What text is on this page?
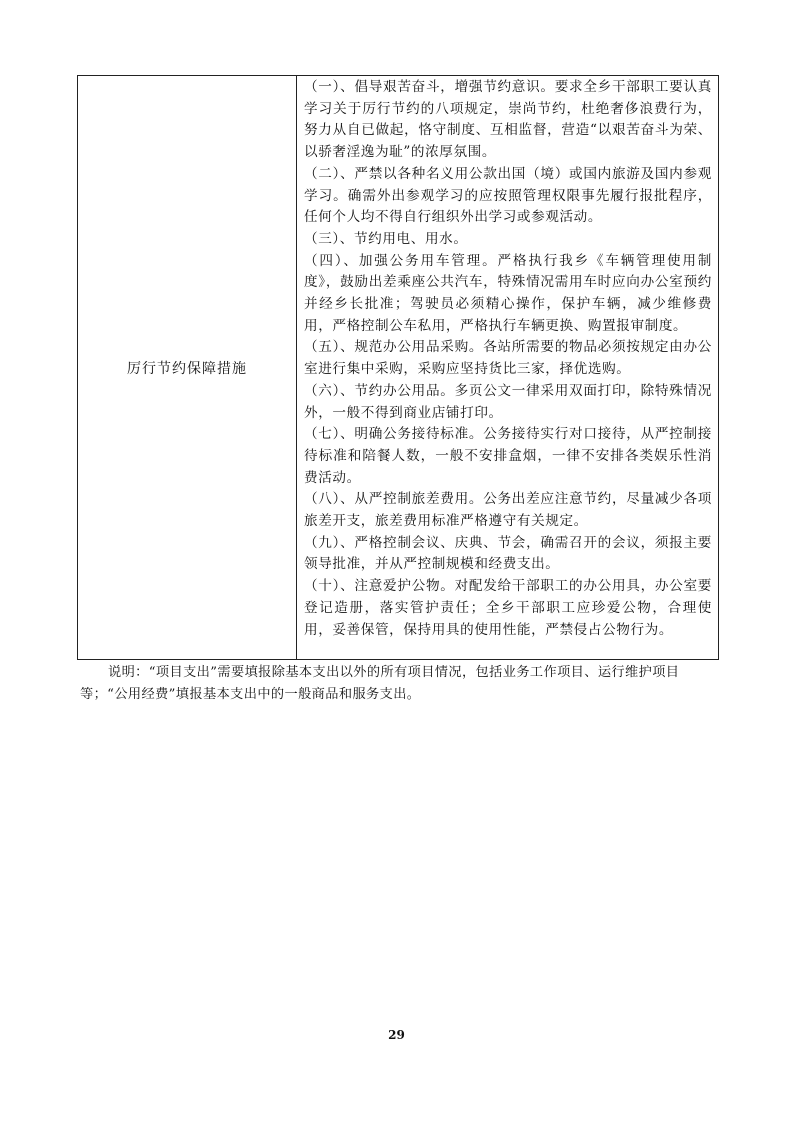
厉行节约保障措施	

（一）、倡导艰苦奋斗，增强节约意识。要求全乡干部职工要认真学习关于厉行节约的八项规定，崇尚节约，杜绝奢侈浪费行为，努力从自已做起，恪守制度、互相监督，营造“以艰苦奋斗为荣、以骄奢淫逸为耻”的浓厚氛围。

（二）、严禁以各种名义用公款出国（境）或国内旅游及国内参观学习。确需外出参观学习的应按照管理权限事先履行报批程序，任何个人均不得自行组织外出学习或参观活动。

（三）、节约用电、用水。

（四）、加强公务用车管理。严格执行我乡《车辆管理使用制度》，鼓励出差乘座公共汽车，特殊情况需用车时应向办公室预约并经乡长批准；驾驶员必须精心操作，保护车辆，减少维修费用，严格控制公车私用，严格执行车辆更换、购置报审制度。

（五）、规范办公用品采购。各站所需要的物品必须按规定由办公室进行集中采购，采购应坚持货比三家，择优选购。

（六）、节约办公用品。多页公文一律采用双面打印，除特殊情况外，一般不得到商业店铺打印。

（七）、明确公务接待标准。公务接待实行对口接待，从严控制接待标准和陪餐人数，一般不安排盒烟，一律不安排各类娱乐性消费活动。

（八）、从严控制旅差费用。公务出差应注意节约，尽量减少各项旅差开支，旅差费用标准严格遵守有关规定。

（九）、严格控制会议、庆典、节会，确需召开的会议，须报主要领导批准，并从严控制规模和经费支出。

（十）、注意爱护公物。对配发给干部职工的办公用具，办公室要登记造册，落实管护责任；全乡干部职工应珍爱公物，合理使用，妥善保管，保持用具的使用性能，严禁侵占公物行为。

说明：“项目支出”需要填报除基本支出以外的所有项目情况，包括业务工作项目、运行维护项目等；“公用经费”填报基本支出中的一般商品和服务支出。

29
